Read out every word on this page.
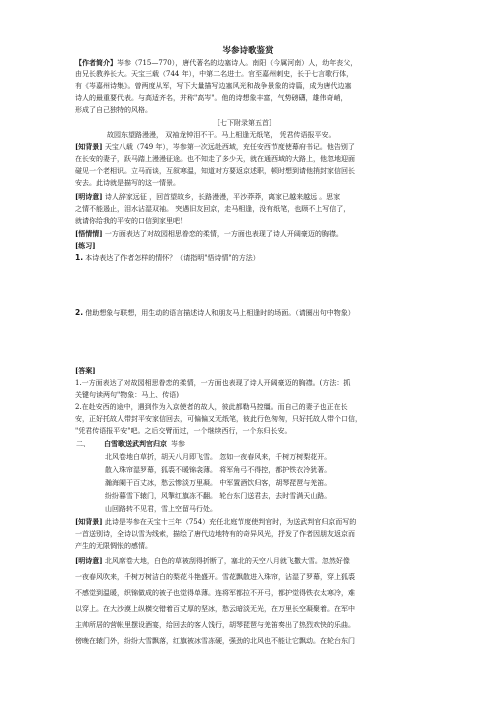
岑参诗歌鉴赏
【作者简介】岑参（715—770），唐代著名的边塞诗人。南阳（今属河南）人，幼年丧父，
由兄长教养长大。天宝三载（744 年），中第二名进士。官至嘉州刺史，长于七言歌行体，
有《岑嘉州诗集》。曾两度从军，写下大量描写边塞风光和战争景象的诗篇，成为唐代边塞
诗人的最重要代表。与高适齐名，并称"高岑"。他的诗想象丰富，气势磅礴，雄伟奇峭，
形成了自己独特的风格。
［七下附录第五首］
故园东望路漫漫， 双袖龙钟泪不干。马上相逢无纸笔， 凭君传语报平安。
[知背景] 天宝八载（749 年），岑参第一次远赴西域，充任安西节度使幕府书记。他告别了
在长安的妻子，跃马踏上漫漫征途。也不知走了多少天，就在通西域的大路上，他忽地迎面
碰见一个老相识。立马而谈，互叙寒温，知道对方要返京述职，顿时想到请他捎封家信回长
安去。此诗就是描写的这一情景。
[明诗意] 诗人辞家远征 ，回首望故乡，长路漫漫，平沙莽莽，离家已越来越远 。思家
之情不能遏止，泪水沾湿双袖。 突遇旧友回京，走马相逢，没有纸笔，也顾不上写信了，
就请你给我的平安的口信到家里吧！
[悟情情] 一方面表达了对故园相思眷恋的柔情，一方面也表现了诗人开阔豪迈的胸襟。
[练习]
1. 本诗表达了作者怎样的情怀？（请指明"悟诗情"的方法）
2. 借助想象与联想，用生动的语言描述诗人和朋友马上相逢时的场面。（请圈出句中物象）
[答案]
1.一方面表达了对故园相思眷恋的柔情，一方面也表现了诗人开阔豪迈的胸襟。(方法：抓
关键句读两句"物象：马上、传语)
2.在赴安西的途中，遇到作为入京使者的故人，彼此都勒马控缰。而自己的妻子也正在长
安，正好托故人带封平安家信回去，可偏偏又无纸笔，彼此行色匆匆，只好托故人带个口信，
"凭君传语报平安"吧。之后交臂而过，一个继续西行，一个东归长安。
二、 白雪歌送武判官归京 岑参
北风卷地白草折，胡天八月即飞雪。 忽如一夜春风来，千树万树梨花开。
散入珠帘湿罗幕，狐裘不暖锦衾薄。 将军角弓不得控，都护铁衣冷犹著。
瀚海阑干百丈冰，愁云惨淡万里凝。 中军置酒饮归客，胡琴琵琶与羌笛。
纷纷暮雪下辕门，风掣红旗冻不翻。 轮台东门送君去，去时雪满天山路。
山回路转不见君，雪上空留马行处。
[知背景] 此诗是岑参在天宝十三年（754）充任北庭节度使判官时，为送武判官归京而写的
一首送别诗，全诗以雪为线索，描绘了唐代边地特有的奇异风光，抒发了作者因朋友返京而
产生的无限惆怅的感情。
[明诗意] 北风席卷大地，白色的草被刮得折断了，塞北的天空八月就飞撒大雪。忽然好像
一夜春风吹来，千树万树洁白的梨花斗艳盛开。雪花飘散进入珠帘，沾湿了罗幕，穿上狐裘
不感觉到温暖，织锦做成的被子也觉得单薄。连将军都拉不开弓，都护觉得铁衣太寒冷，难
以穿上。在大沙漠上纵横交错着百丈厚的坚冰，愁云暗淡无光，在万里长空凝聚着。在军中
主帅所居的营帐里摆设酒宴，给回去的客人饯行，胡琴琵琶与羌笛奏出了热烈欢快的乐曲。
傍晚在辕门外，纷纷大雪飘落，红旗被冰雪冻硬，强劲的北风也不能让它飘动。在轮台东门
